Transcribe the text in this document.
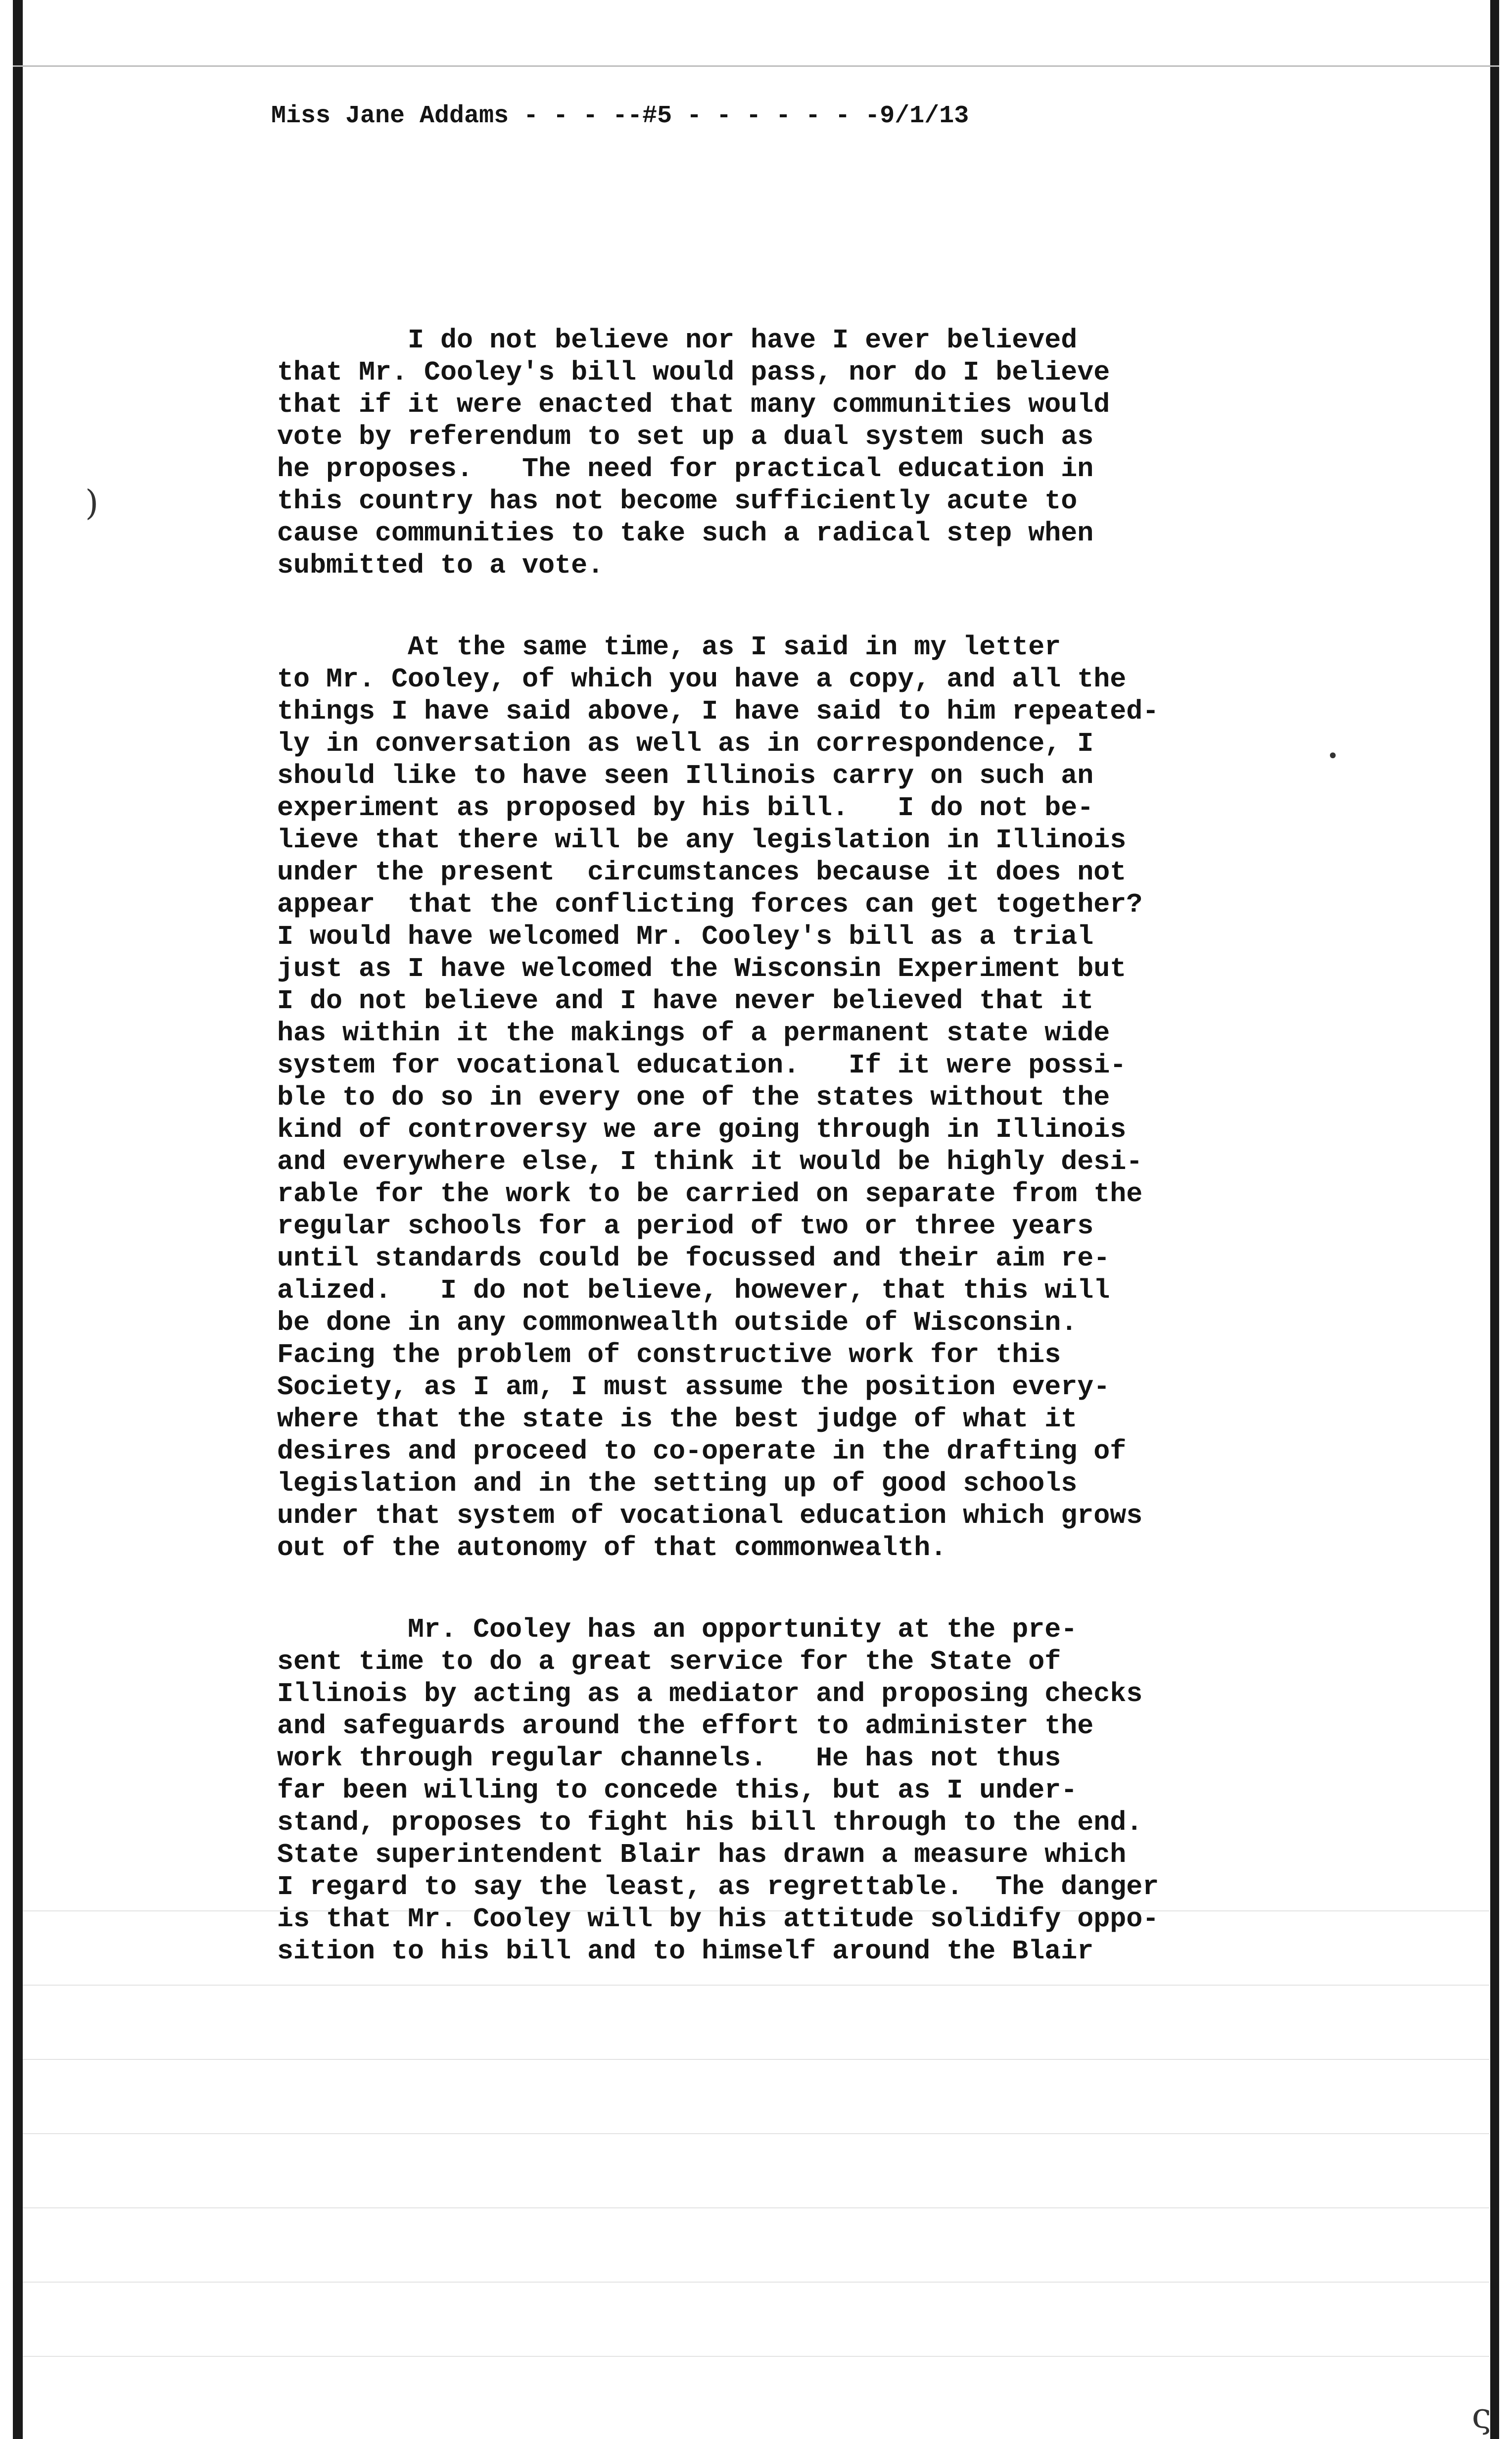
)
•
ς
Miss Jane Addams - - - --#5 - - - - - - -9/1/13
I do not believe nor have I ever believed
that Mr. Cooley's bill would pass, nor do I believe
that if it were enacted that many communities would
vote by referendum to set up a dual system such as
he proposes.   The need for practical education in
this country has not become sufficiently acute to
cause communities to take such a radical step when
submitted to a vote.
At the same time, as I said in my letter
to Mr. Cooley, of which you have a copy, and all the
things I have said above, I have said to him repeated-
ly in conversation as well as in correspondence, I
should like to have seen Illinois carry on such an
experiment as proposed by his bill.   I do not be-
lieve that there will be any legislation in Illinois
under the present  circumstances because it does not
appear  that the conflicting forces can get together?
I would have welcomed Mr. Cooley's bill as a trial
just as I have welcomed the Wisconsin Experiment but
I do not believe and I have never believed that it
has within it the makings of a permanent state wide
system for vocational education.   If it were possi-
ble to do so in every one of the states without the
kind of controversy we are going through in Illinois
and everywhere else, I think it would be highly desi-
rable for the work to be carried on separate from the
regular schools for a period of two or three years
until standards could be focussed and their aim re-
alized.   I do not believe, however, that this will
be done in any commonwealth outside of Wisconsin.
Facing the problem of constructive work for this
Society, as I am, I must assume the position every-
where that the state is the best judge of what it
desires and proceed to co-operate in the drafting of
legislation and in the setting up of good schools
under that system of vocational education which grows
out of the autonomy of that commonwealth.
Mr. Cooley has an opportunity at the pre-
sent time to do a great service for the State of
Illinois by acting as a mediator and proposing checks
and safeguards around the effort to administer the
work through regular channels.   He has not thus
far been willing to concede this, but as I under-
stand, proposes to fight his bill through to the end.
State superintendent Blair has drawn a measure which
I regard to say the least, as regrettable.  The danger
is that Mr. Cooley will by his attitude solidify oppo-
sition to his bill and to himself around the Blair
